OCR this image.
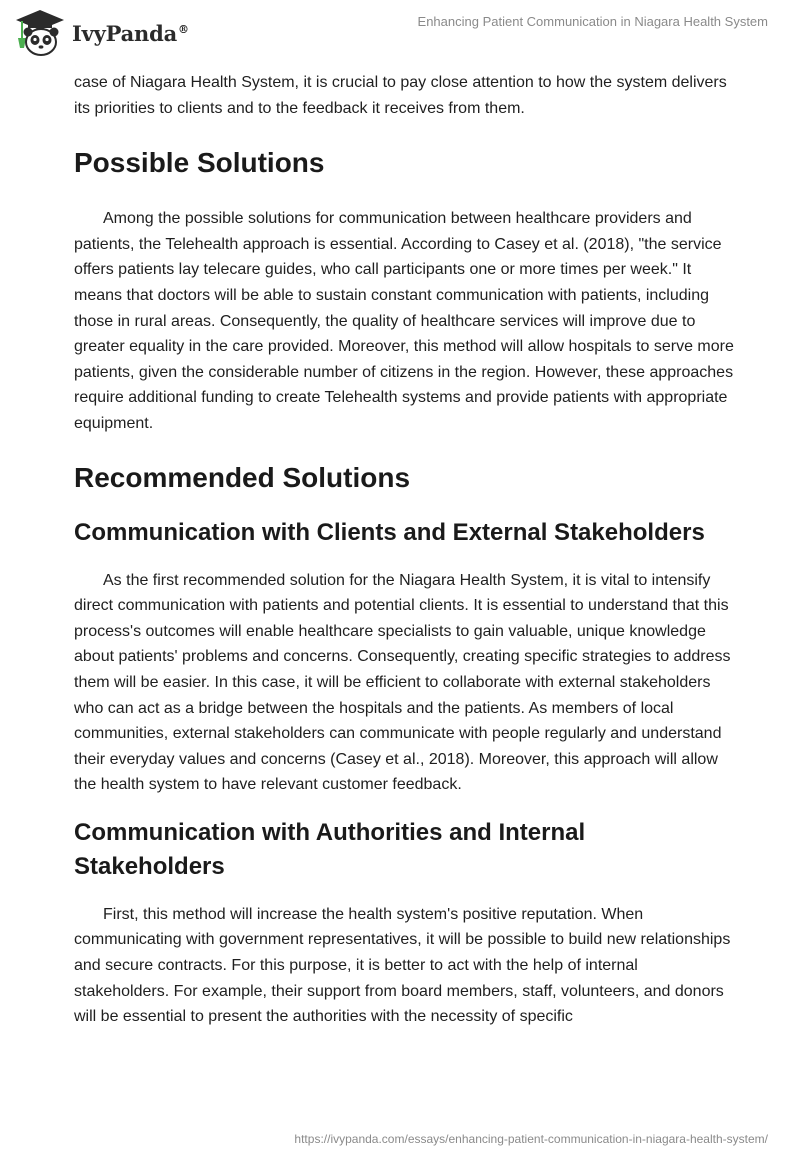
IvyPanda®	Enhancing Patient Communication in Niagara Health System

case of Niagara Health System, it is crucial to pay close attention to how the system delivers its priorities to clients and to the feedback it receives from them.

Possible Solutions

Among the possible solutions for communication between healthcare providers and patients, the Telehealth approach is essential. According to Casey et al. (2018), "the service offers patients lay telecare guides, who call participants one or more times per week." It means that doctors will be able to sustain constant communication with patients, including those in rural areas. Consequently, the quality of healthcare services will improve due to greater equality in the care provided. Moreover, this method will allow hospitals to serve more patients, given the considerable number of citizens in the region. However, these approaches require additional funding to create Telehealth systems and provide patients with appropriate equipment.

Recommended Solutions
Communication with Clients and External Stakeholders

As the first recommended solution for the Niagara Health System, it is vital to intensify direct communication with patients and potential clients. It is essential to understand that this process's outcomes will enable healthcare specialists to gain valuable, unique knowledge about patients' problems and concerns. Consequently, creating specific strategies to address them will be easier. In this case, it will be efficient to collaborate with external stakeholders who can act as a bridge between the hospitals and the patients. As members of local communities, external stakeholders can communicate with people regularly and understand their everyday values and concerns (Casey et al., 2018). Moreover, this approach will allow the health system to have relevant customer feedback.

Communication with Authorities and Internal Stakeholders

First, this method will increase the health system's positive reputation. When communicating with government representatives, it will be possible to build new relationships and secure contracts. For this purpose, it is better to act with the help of internal stakeholders. For example, their support from board members, staff, volunteers, and donors will be essential to present the authorities with the necessity of specific

https://ivypanda.com/essays/enhancing-patient-communication-in-niagara-health-system/
